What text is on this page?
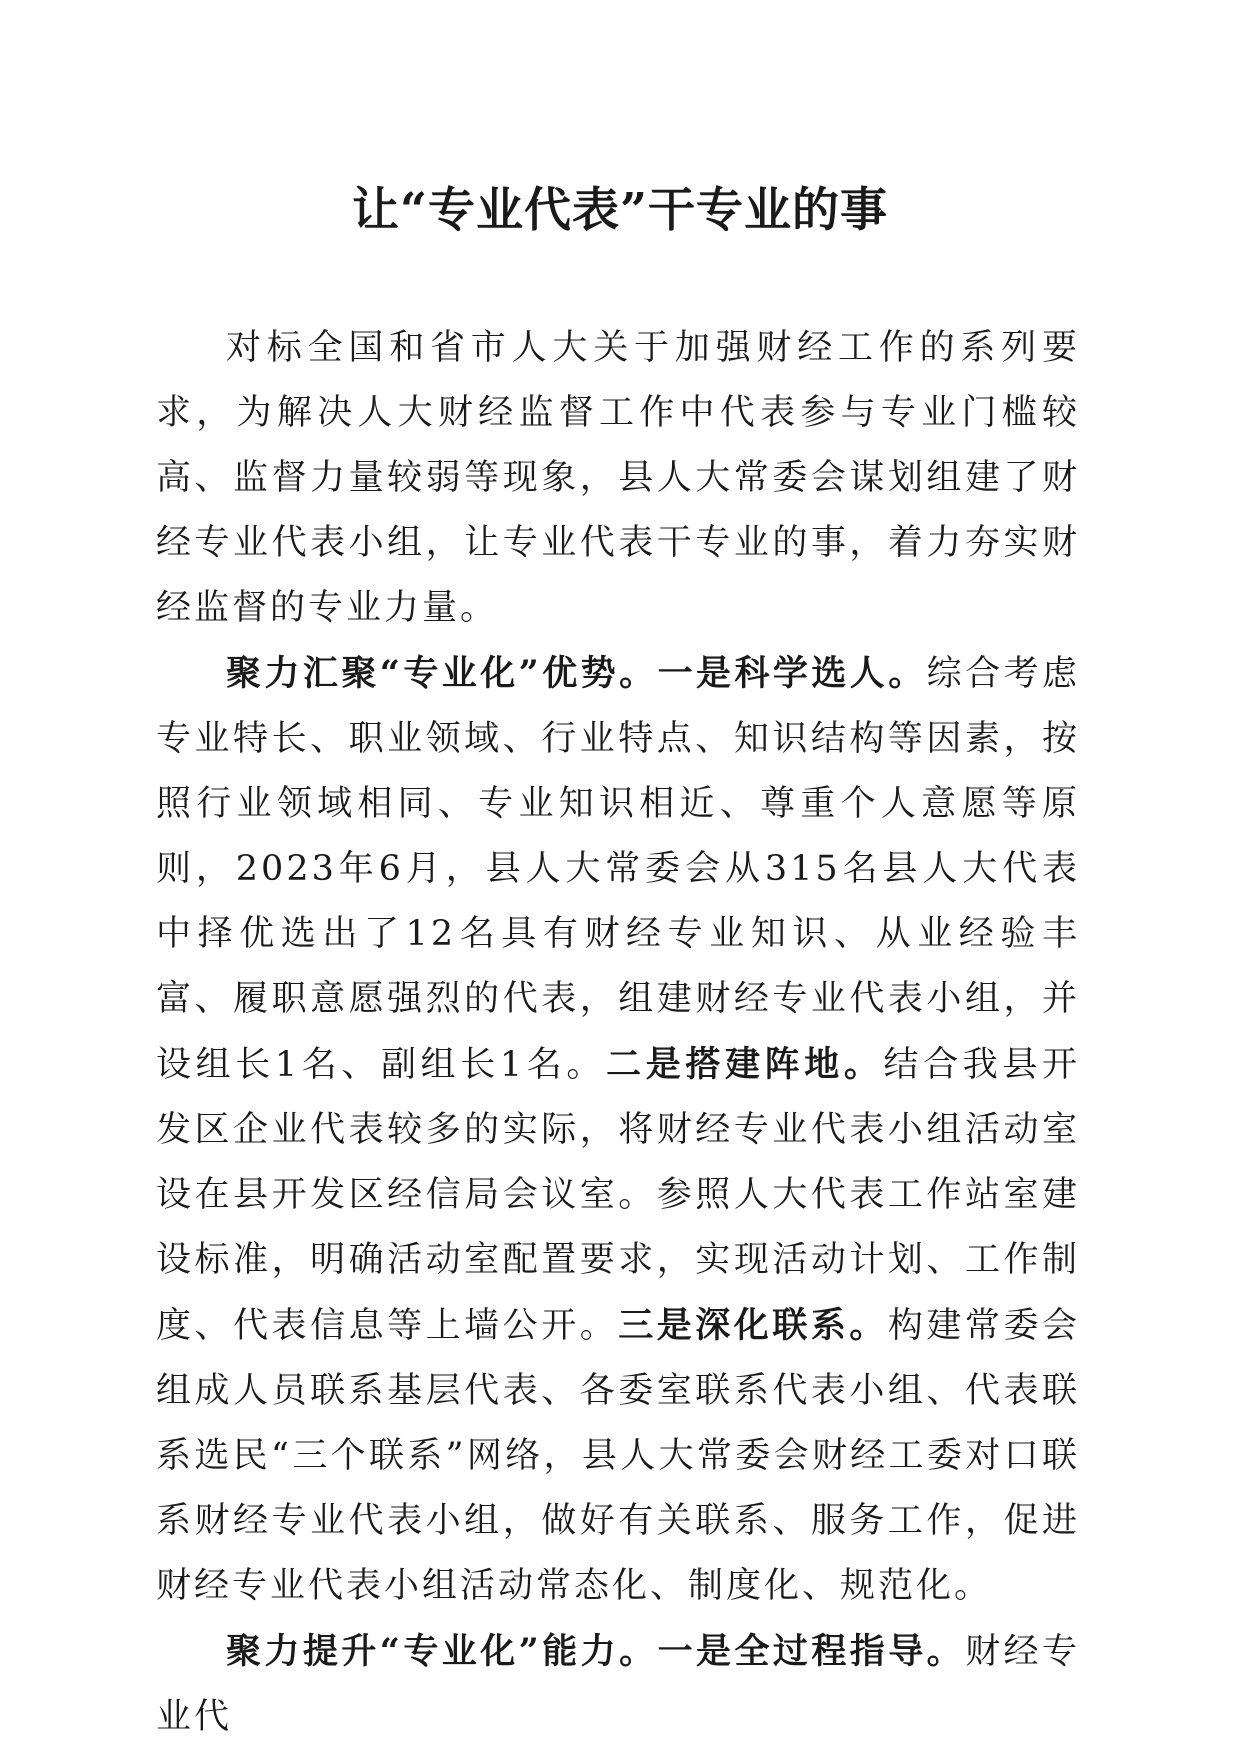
让“专业代表”干专业的事

对标全国和省市人大关于加强财经工作的系列要求，为解决人大财经监督工作中代表参与专业门槛较高、监督力量较弱等现象，县人大常委会谋划组建了财经专业代表小组，让专业代表干专业的事，着力夯实财经监督的专业力量。

聚力汇聚“专业化”优势。一是科学选人。综合考虑专业特长、职业领域、行业特点、知识结构等因素，按照行业领域相同、专业知识相近、尊重个人意愿等原则，2023年6月，县人大常委会从315名县人大代表中择优选出了12名具有财经专业知识、从业经验丰富、履职意愿强烈的代表，组建财经专业代表小组，并设组长1名、副组长1名。二是搭建阵地。结合我县开发区企业代表较多的实际，将财经专业代表小组活动室设在县开发区经信局会议室。参照人大代表工作站室建设标准，明确活动室配置要求，实现活动计划、工作制度、代表信息等上墙公开。三是深化联系。构建常委会组成人员联系基层代表、各委室联系代表小组、代表联系选民“三个联系”网络，县人大常委会财经工委对口联系财经专业代表小组，做好有关联系、服务工作，促进财经专业代表小组活动常态化、制度化、规范化。

聚力提升“专业化”能力。一是全过程指导。财经专业代
